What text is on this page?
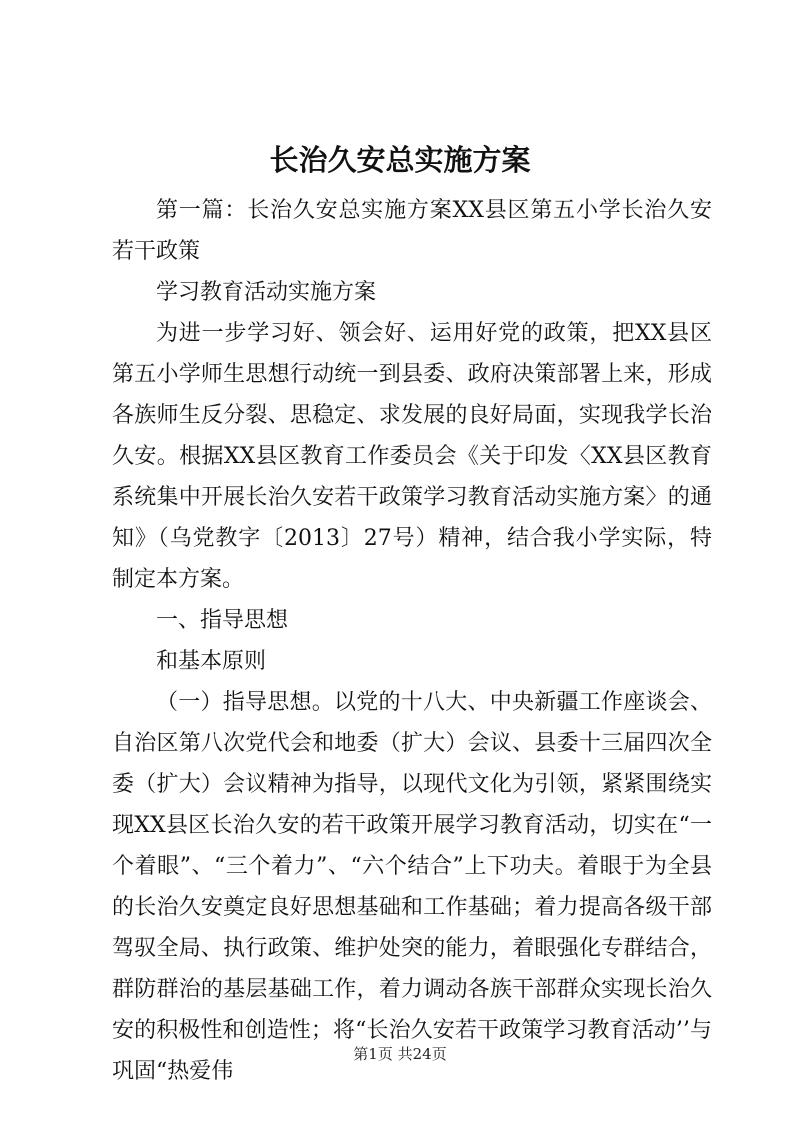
长治久安总实施方案

第一篇：长治久安总实施方案XX县区第五小学长治久安若干政策

学习教育活动实施方案

为进一步学习好、领会好、运用好党的政策，把XX县区第五小学师生思想行动统一到县委、政府决策部署上来，形成各族师生反分裂、思稳定、求发展的良好局面，实现我学长治久安。根据XX县区教育工作委员会《关于印发〈XX县区教育系统集中开展长治久安若干政策学习教育活动实施方案〉的通知》（乌党教字〔2013〕27号）精神，结合我小学实际，特制定本方案。

一、指导思想

和基本原则

（一）指导思想。以党的十八大、中央新疆工作座谈会、自治区第八次党代会和地委（扩大）会议、县委十三届四次全委（扩大）会议精神为指导，以现代文化为引领，紧紧围绕实现XX县区长治久安的若干政策开展学习教育活动，切实在“一个着眼”、“三个着力”、“六个结合”上下功夫。着眼于为全县的长治久安奠定良好思想基础和工作基础；着力提高各级干部驾驭全局、执行政策、维护处突的能力，着眼强化专群结合，群防群治的基层基础工作，着力调动各族干部群众实现长治久安的积极性和创造性；将“长治久安若干政策学习教育活动’’与巩固“热爱伟

第1页 共24页
